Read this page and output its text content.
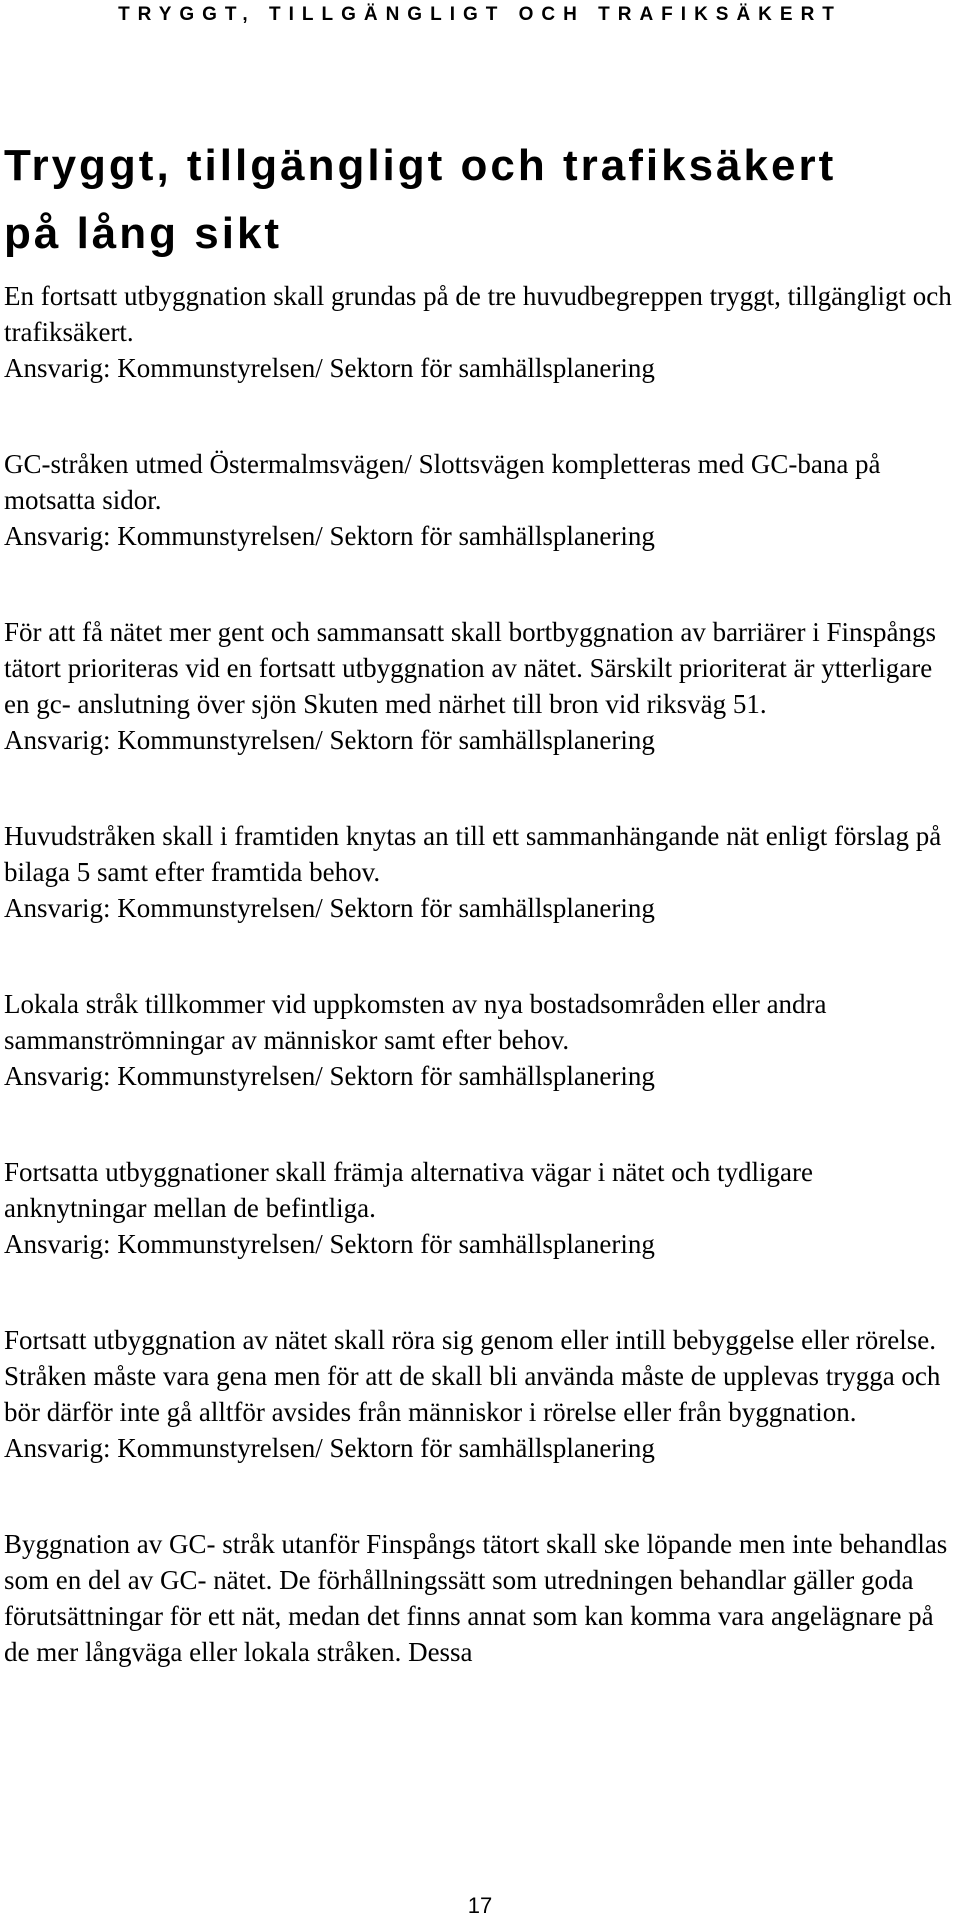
TRYGGT, TILLGÄNGLIGT OCH TRAFIKSÄKERT

Tryggt, tillgängligt och trafiksäkert
på lång sikt

En fortsatt utbyggnation skall grundas på de tre huvudbegreppen tryggt, tillgängligt och trafiksäkert.

Ansvarig: Kommunstyrelsen/ Sektorn för samhällsplanering

GC-stråken utmed Östermalmsvägen/ Slottsvägen kompletteras med GC-bana på motsatta sidor.

Ansvarig: Kommunstyrelsen/ Sektorn för samhällsplanering

För att få nätet mer gent och sammansatt skall bortbyggnation av barriärer i Finspångs tätort prioriteras vid en fortsatt utbyggnation av nätet. Särskilt prioriterat är ytterligare en gc- anslutning över sjön Skuten med närhet till bron vid riksväg 51.

Ansvarig: Kommunstyrelsen/ Sektorn för samhällsplanering

Huvudstråken skall i framtiden knytas an till ett sammanhängande nät enligt förslag på bilaga 5 samt efter framtida behov.

Ansvarig: Kommunstyrelsen/ Sektorn för samhällsplanering

Lokala stråk tillkommer vid uppkomsten av nya bostadsområden eller andra sammanströmningar av människor samt efter behov.

Ansvarig: Kommunstyrelsen/ Sektorn för samhällsplanering

Fortsatta utbyggnationer skall främja alternativa vägar i nätet och tydligare anknytningar mellan de befintliga.

Ansvarig: Kommunstyrelsen/ Sektorn för samhällsplanering

Fortsatt utbyggnation av nätet skall röra sig genom eller intill bebyggelse eller rörelse. Stråken måste vara gena men för att de skall bli använda måste de upplevas trygga och bör därför inte gå alltför avsides från människor i rörelse eller från byggnation.

Ansvarig: Kommunstyrelsen/ Sektorn för samhällsplanering

Byggnation av GC- stråk utanför Finspångs tätort skall ske löpande men inte behandlas som en del av GC- nätet. De förhållningssätt som utredningen behandlar gäller goda förutsättningar för ett nät, medan det finns annat som kan komma vara angelägnare på de mer långväga eller lokala stråken. Dessa

17
